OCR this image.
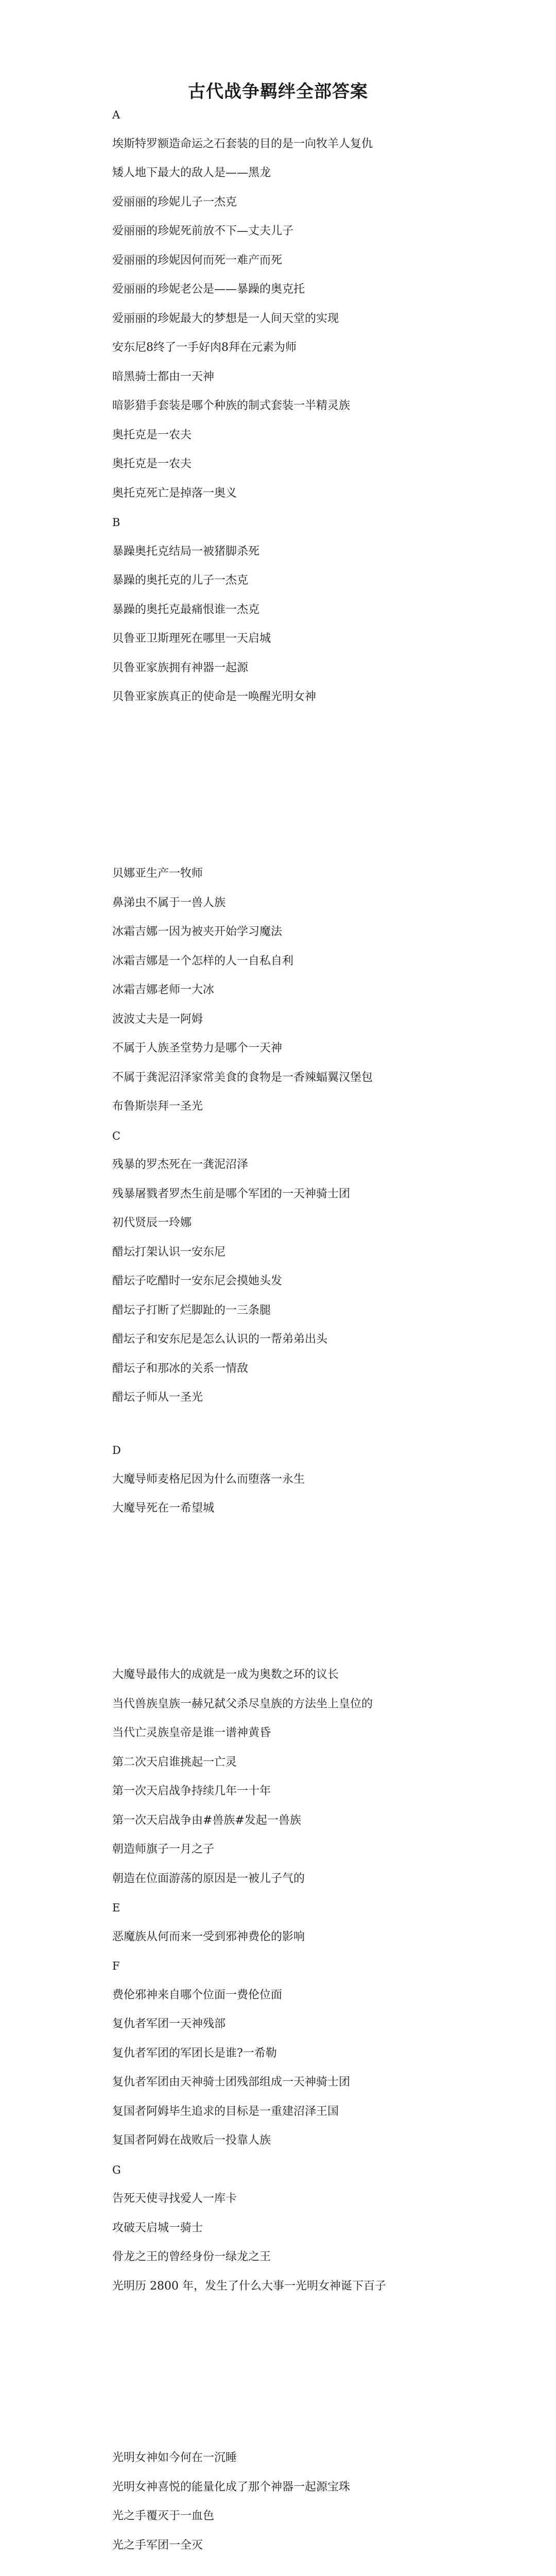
古代战争羁绊全部答案
A
埃斯特罗额造命运之石套装的目的是一向牧羊人复仇
矮人地下最大的敌人是——黑龙
爱丽丽的珍妮儿子一杰克
爱丽丽的珍妮死前放不下—丈夫儿子
爱丽丽的珍妮因何而死一难产而死
爱丽丽的珍妮老公是——暴躁的奥克托
爱丽丽的珍妮最大的梦想是一人间天堂的实现
安东尼8终了一手好肉8拜在元素为师
暗黑骑士都由一天神
暗影猎手套装是哪个种族的制式套装一半精灵族
奥托克是一农夫
奥托克是一农夫
奥托克死亡是掉落一奥义
B
暴躁奥托克结局一被猪脚杀死
暴躁的奥托克的儿子一杰克
暴躁的奥托克最痛恨谁一杰克
贝鲁亚卫斯理死在哪里一天启城
贝鲁亚家族拥有神器一起源
贝鲁亚家族真正的使命是一唤醒光明女神
贝娜亚生产一牧师
鼻涕虫不属于一兽人族
冰霜吉娜一因为被夹开始学习魔法
冰霜吉娜是一个怎样的人一自私自利
冰霜吉娜老师一大冰
波波丈夫是一阿姆
不属于人族圣堂势力是哪个一天神
不属于龚泥沼泽家常美食的食物是一香辣蝠翼汉堡包
布鲁斯崇拜一圣光
C
残暴的罗杰死在一龚泥沼泽
残暴屠戮者罗杰生前是哪个军团的一天神骑士团
初代贤辰一玲娜
醋坛打架认识一安东尼
醋坛子吃醋时一安东尼会摸她头发
醋坛子打断了烂脚趾的一三条腿
醋坛子和安东尼是怎么认识的一帮弟弟出头
醋坛子和那冰的关系一情敌
醋坛子师从一圣光
D
大魔导师麦格尼因为什么而堕落一永生
大魔导死在一希望城
大魔导最伟大的成就是一成为奥数之环的议长
当代兽族皇族一赫兄弑父杀尽皇族的方法坐上皇位的
当代亡灵族皇帝是谁一谱神黄昏
第二次天启谁挑起一亡灵
第一次天启战争持续几年一十年
第一次天启战争由#兽族#发起一兽族
朝造师旗子一月之子
朝造在位面游荡的原因是一被儿子气的
E
恶魔族从何而来一受到邪神费伦的影响
F
费伦邪神来自哪个位面一费伦位面
复仇者军团一天神残部
复仇者军团的军团长是谁?一希勒
复仇者军团由天神骑士团残部组成一天神骑士团
复国者阿姆毕生追求的目标是一重建沼泽王国
复国者阿姆在战败后一投靠人族
G
告死天使寻找爱人一库卡
攻破天启城一骑士
骨龙之王的曾经身份一绿龙之王
光明历 2800 年，发生了什么大事一光明女神诞下百子
光明女神如今何在一沉睡
光明女神喜悦的能量化成了那个神器一起源宝珠
光之手覆灭于一血色
光之手军团一全灭
